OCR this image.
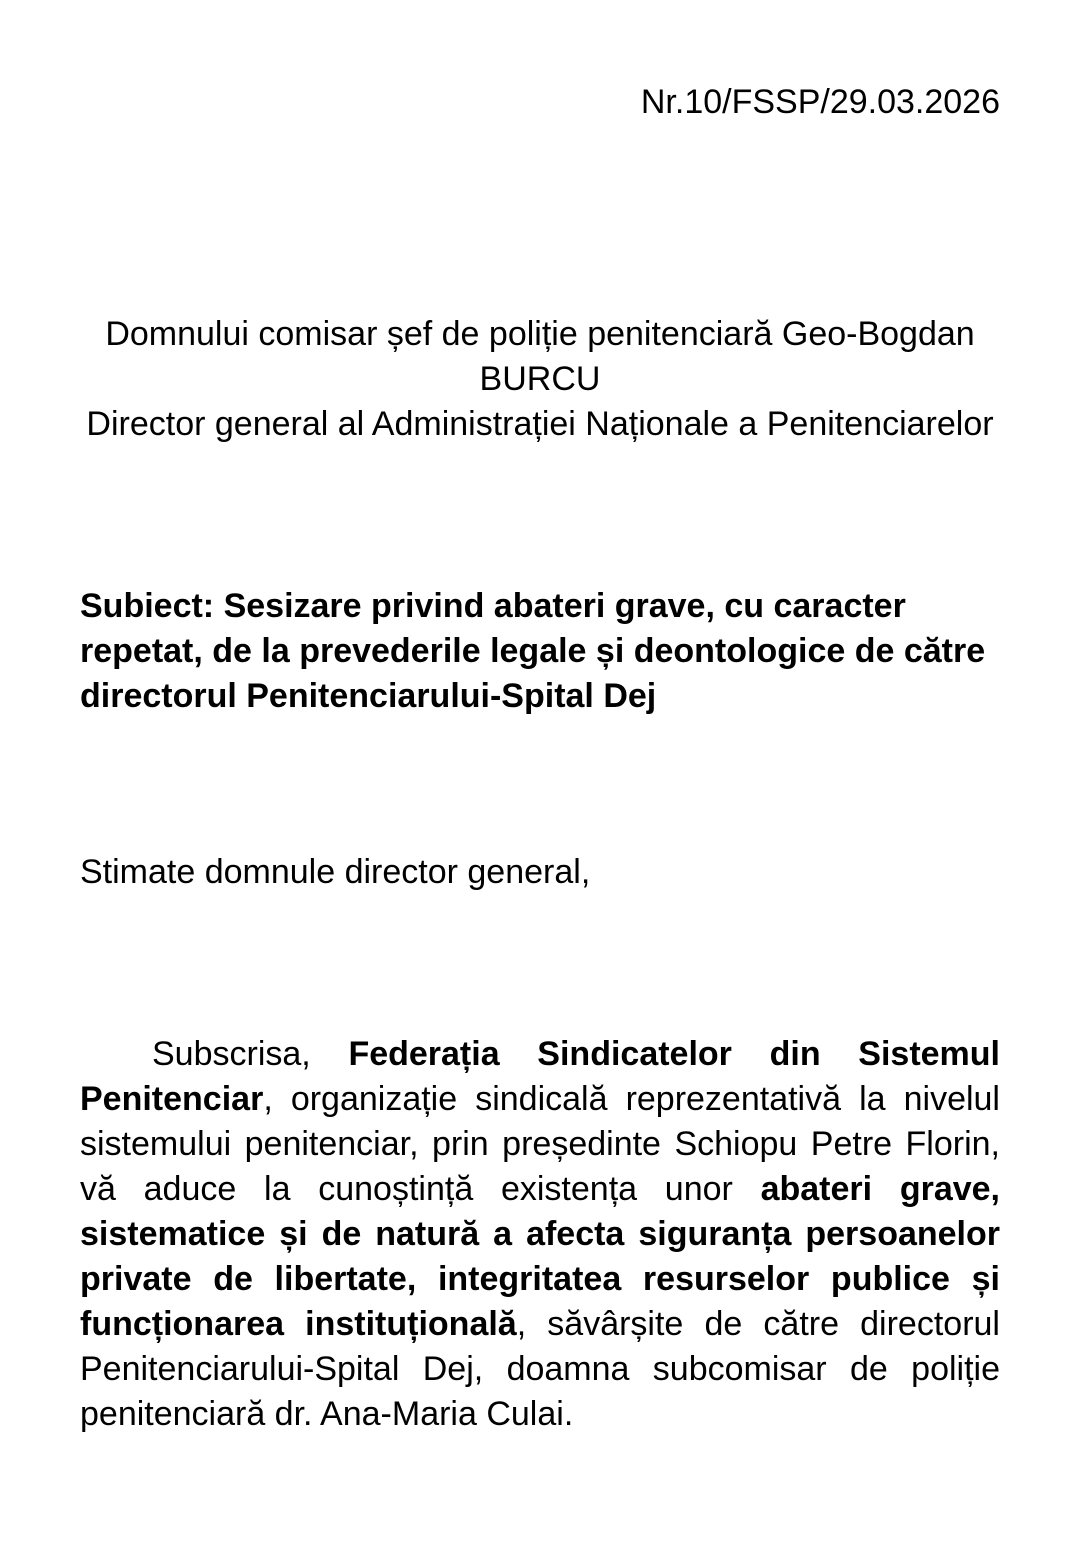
Nr.10/FSSP/29.03.2026

Domnului comisar șef de poliție penitenciară Geo-Bogdan BURCU

Director general al Administrației Naționale a Penitenciarelor

Subiect: Sesizare privind abateri grave, cu caracter repetat, de la prevederile legale și deontologice de către directorul Penitenciarului-Spital Dej

Stimate domnule director general,

Subscrisa, Federația Sindicatelor din Sistemul Penitenciar, organizație sindicală reprezentativă la nivelul sistemului penitenciar, prin președinte Schiopu Petre Florin, vă aduce la cunoștință existența unor abateri grave, sistematice și de natură a afecta siguranța persoanelor private de libertate, integritatea resurselor publice și funcționarea instituțională, săvârșite de către directorul Penitenciarului-Spital Dej, doamna subcomisar de poliție penitenciară dr. Ana-Maria Culai.
